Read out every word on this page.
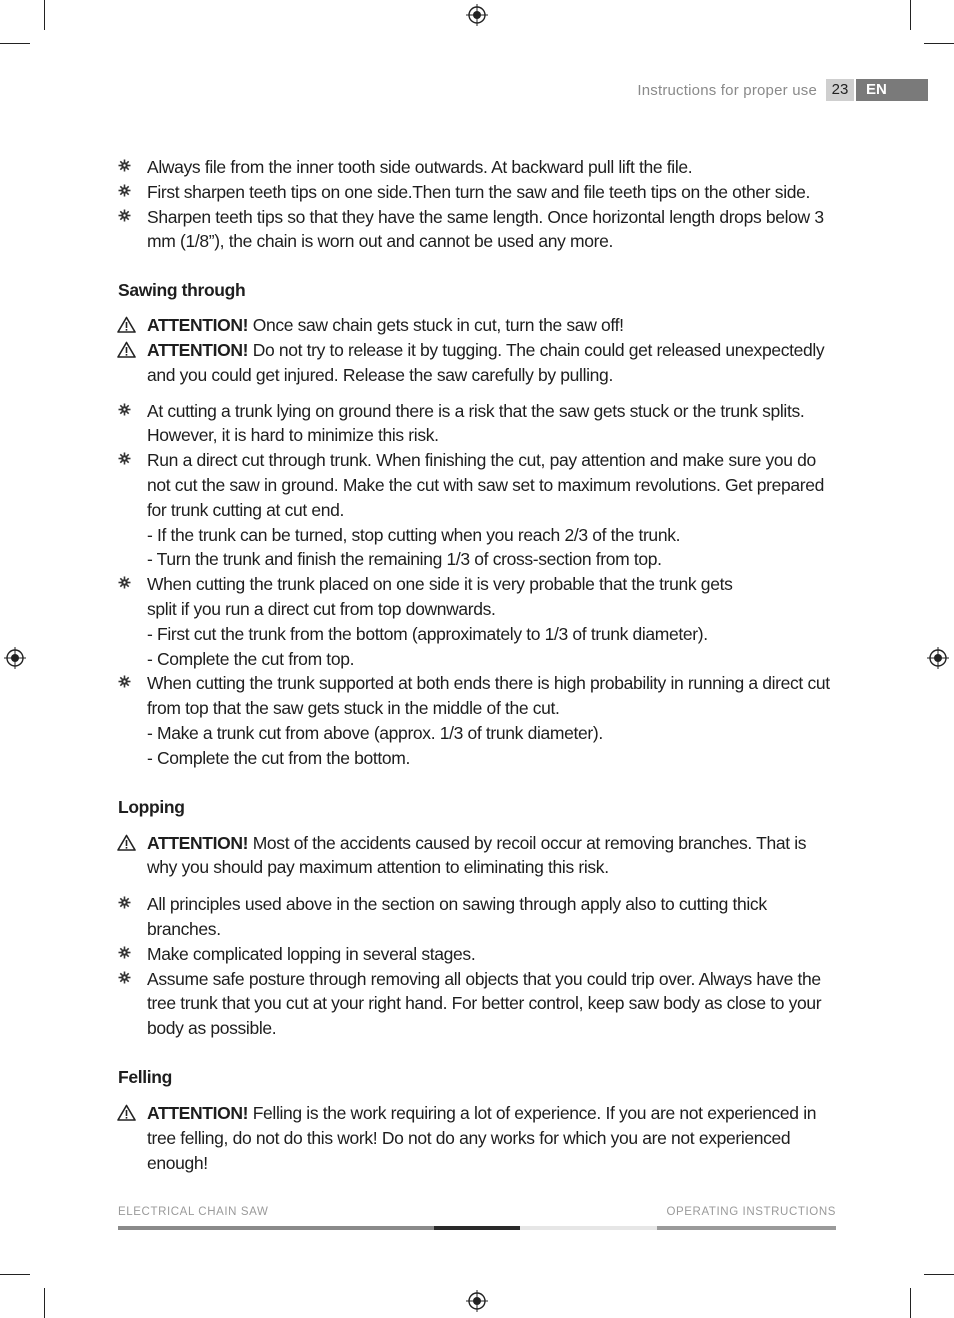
Instructions for proper use 23	EN
Always file from the inner tooth side outwards. At backward pull lift the file.
First sharpen teeth tips on one side.Then turn the saw and file teeth tips on the other side.
Sharpen teeth tips so that they have the same length. Once horizontal length drops below 3 mm (1/8”), the chain is worn out and cannot be used any more.
Sawing through
ATTENTION! Once saw chain gets stuck in cut, turn the saw off!
ATTENTION! Do not try to release it by tugging. The chain could get released unexpectedly and you could get injured. Release the saw carefully by pulling.
At cutting a trunk lying on ground there is a risk that the saw gets stuck or the trunk splits. However, it is hard to minimize this risk.
Run a direct cut through trunk. When finishing the cut, pay attention and make sure you do not cut the saw in ground. Make the cut with saw set to maximum revolutions. Get prepared for trunk cutting at cut end.
- If the trunk can be turned, stop cutting when you reach 2/3 of the trunk.
- Turn the trunk and finish the remaining 1/3 of cross-section from top.
When cutting the trunk placed on one side it is very probable that the trunk gets split if you run a direct cut from top downwards.
- First cut the trunk from the bottom (approximately to 1/3 of trunk diameter).
- Complete the cut from top.
When cutting the trunk supported at both ends there is high probability in running a direct cut from top that the saw gets stuck in the middle of the cut.
- Make a trunk cut from above (approx. 1/3 of trunk diameter).
- Complete the cut from the bottom.
Lopping
ATTENTION! Most of the accidents caused by recoil occur at removing branches. That is why you should pay maximum attention to eliminating this risk.
All principles used above in the section on sawing through apply also to cutting thick branches.
Make complicated lopping in several stages.
Assume safe posture through removing all objects that you could trip over. Always have the tree trunk that you cut at your right hand. For better control, keep saw body as close to your body as possible.
Felling
ATTENTION! Felling is the work requiring a lot of experience. If you are not experienced in tree felling, do not do this work! Do not do any works for which you are not experienced enough!
ELECTRICAL CHAIN SAW	OPERATING INSTRUCTIONS
